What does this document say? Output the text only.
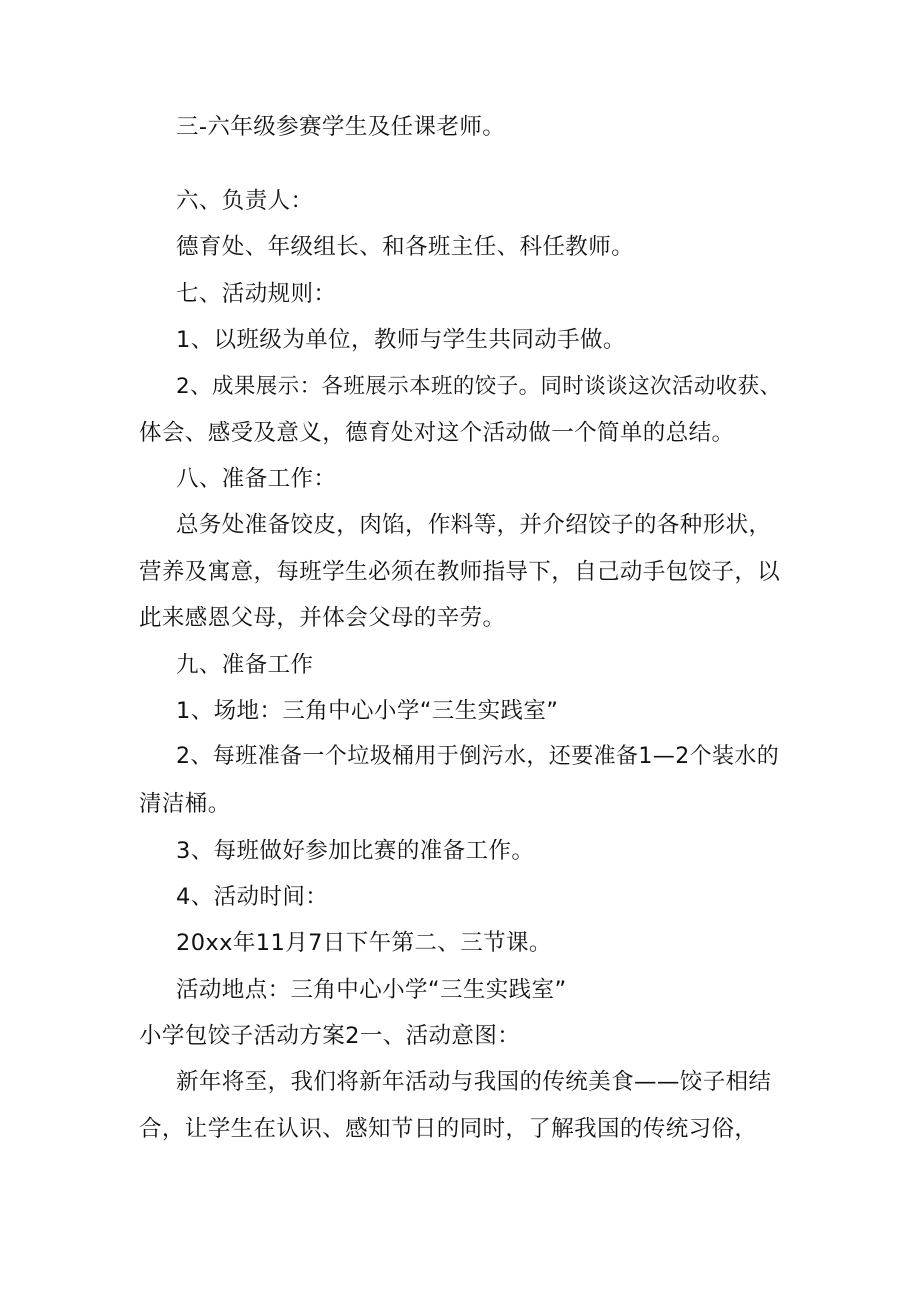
三-六年级参赛学生及任课老师。
六、负责人：
德育处、年级组长、和各班主任、科任教师。
七、活动规则：
1、以班级为单位，教师与学生共同动手做。
2、成果展示：各班展示本班的饺子。同时谈谈这次活动收获、
体会、感受及意义，德育处对这个活动做一个简单的总结。
八、准备工作：
总务处准备饺皮，肉馅，作料等，并介绍饺子的各种形状，
营养及寓意，每班学生必须在教师指导下，自己动手包饺子，以
此来感恩父母，并体会父母的辛劳。
九、准备工作
1、场地：三角中心小学“三生实践室”
2、每班准备一个垃圾桶用于倒污水，还要准备1—2个装水的
清洁桶。
3、每班做好参加比赛的准备工作。
4、活动时间：
20xx年11月7日下午第二、三节课。
活动地点：三角中心小学“三生实践室”
小学包饺子活动方案2一、活动意图：
新年将至，我们将新年活动与我国的传统美食——饺子相结
合，让学生在认识、感知节日的同时，了解我国的传统习俗，
